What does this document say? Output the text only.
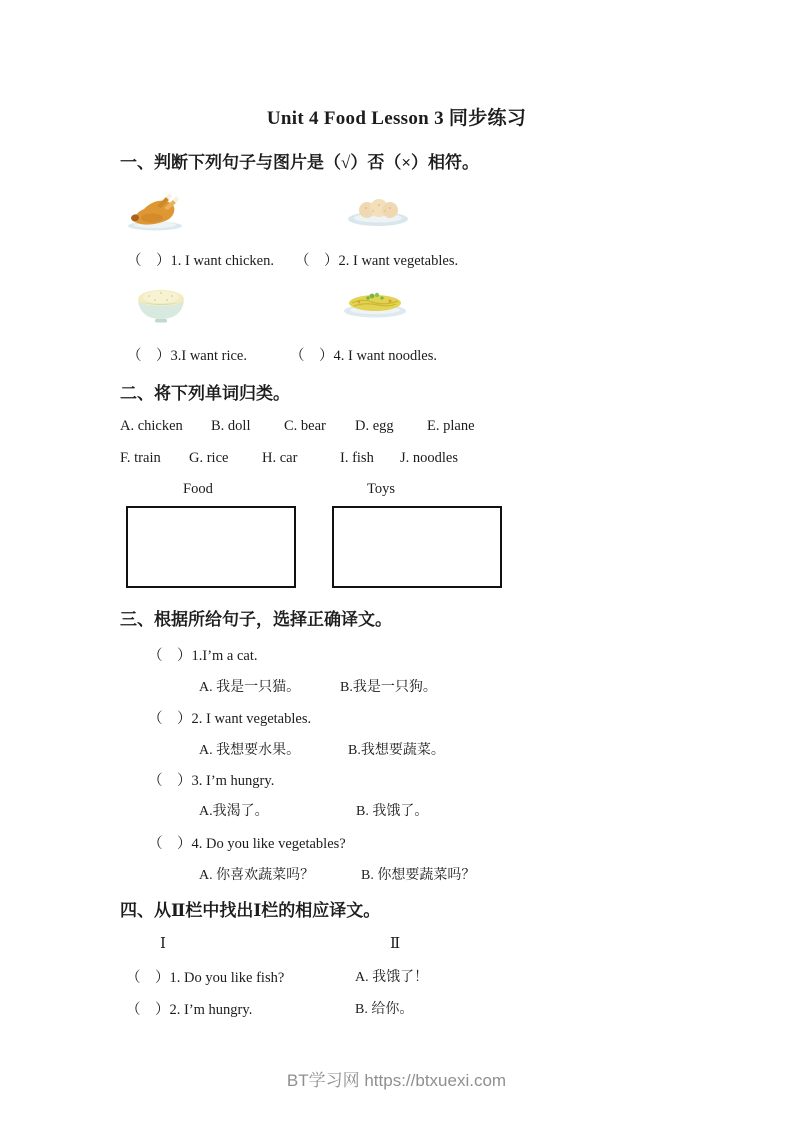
Unit 4 Food Lesson 3 同步练习
一、判断下列句子与图片是（√）否（×）相符。
（　）1. I want chicken. （　）2. I want vegetables.
（　）3.I want rice.	（　）4. I want noodles.
二、将下列单词归类。
A. chicken B. doll C. bear D. egg E. plane
F. train G. rice H. car	I. fish J. noodles
Food	Toys
三、根据所给句子，选择正确译文。
（　）1.I’m a cat.
A. 我是一只猫。	B.我是一只狗。
（　）2. I want vegetables.
A. 我想要水果。	B.我想要蔬菜。
（　）3. I’m hungry.
A.我渴了。	B. 我饿了。
（　）4. Do you like vegetables?
A. 你喜欢蔬菜吗？	B. 你想要蔬菜吗？
四、从Ⅱ栏中找出Ⅰ栏的相应译文。
Ⅰ	Ⅱ
（　）1. Do you like fish?	A. 我饿了！
（　）2. I’m hungry.	B. 给你。
BT学习网 https://btxuexi.com
